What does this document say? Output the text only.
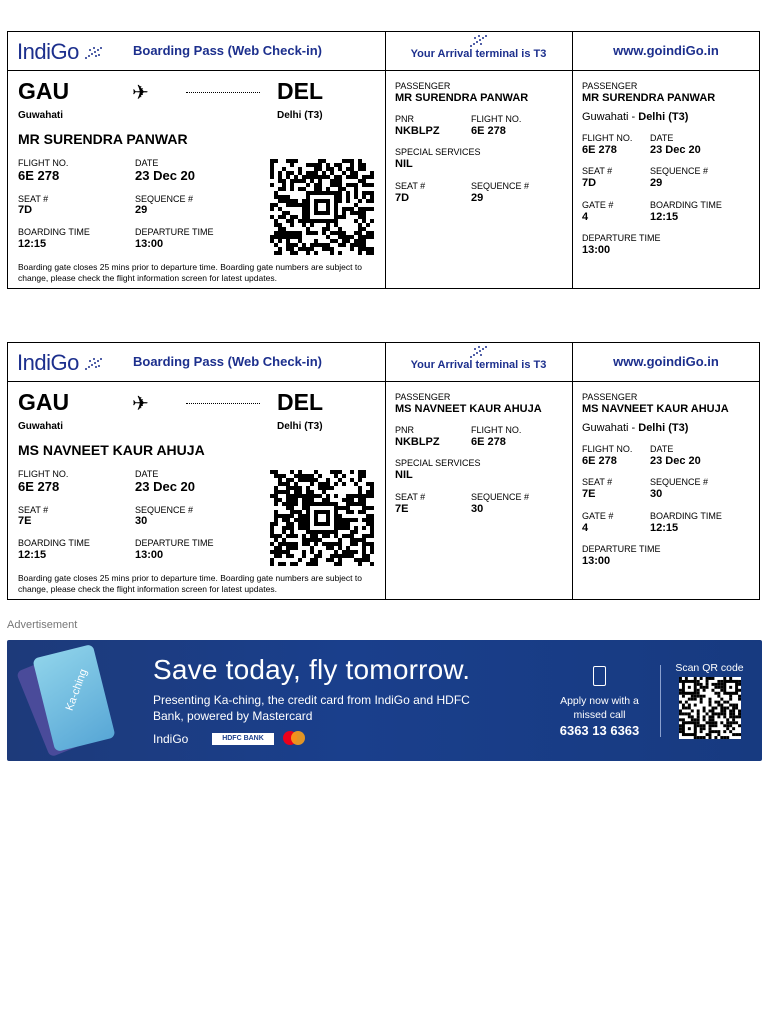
IndiGo	Boarding Pass (Web Check-in)	Your Arrival terminal is T3	www.goindiGo.in
GAU
Guwahati
✈	DEL
Delhi (T3)
MR SURENDRA PANWAR
FLIGHT NO.
6E 278
DATE
23 Dec 20
SEAT #
7D
SEQUENCE #
29
BOARDING TIME
12:15
DEPARTURE TIME
13:00
Boarding gate closes 25 mins prior to departure time. Boarding gate numbers are subject to change, please check the flight information screen for latest updates.
PASSENGER
MR SURENDRA PANWAR
PNR
NKBLPZ
FLIGHT NO.
6E 278
SPECIAL SERVICES
NIL
SEAT #
7D
SEQUENCE #
29
PASSENGER
MR SURENDRA PANWAR
Guwahati - Delhi (T3)
FLIGHT NO.
6E 278
DATE
23 Dec 20
SEAT #
7D
SEQUENCE #
29
GATE #
4
BOARDING TIME
12:15
DEPARTURE TIME
13:00
IndiGo	Boarding Pass (Web Check-in)	Your Arrival terminal is T3	www.goindiGo.in
GAU
Guwahati
✈	DEL
Delhi (T3)
MS NAVNEET KAUR AHUJA
FLIGHT NO.
6E 278
DATE
23 Dec 20
SEAT #
7E
SEQUENCE #
30
BOARDING TIME
12:15
DEPARTURE TIME
13:00
Boarding gate closes 25 mins prior to departure time. Boarding gate numbers are subject to change, please check the flight information screen for latest updates.
PASSENGER
MS NAVNEET KAUR AHUJA
PNR
NKBLPZ
FLIGHT NO.
6E 278
SPECIAL SERVICES
NIL
SEAT #
7E
SEQUENCE #
30
PASSENGER
MS NAVNEET KAUR AHUJA
Guwahati - Delhi (T3)
FLIGHT NO.
6E 278
DATE
23 Dec 20
SEAT #
7E
SEQUENCE #
30
GATE #
4
BOARDING TIME
12:15
DEPARTURE TIME
13:00
Advertisement
Ka-ching Save today, fly tomorrow.
Presenting Ka-ching, the credit card from IndiGo and HDFC Bank, powered by Mastercard
IndiGo	HDFC BANK
Apply now with a missed call
6363 13 6363
Scan QR code
